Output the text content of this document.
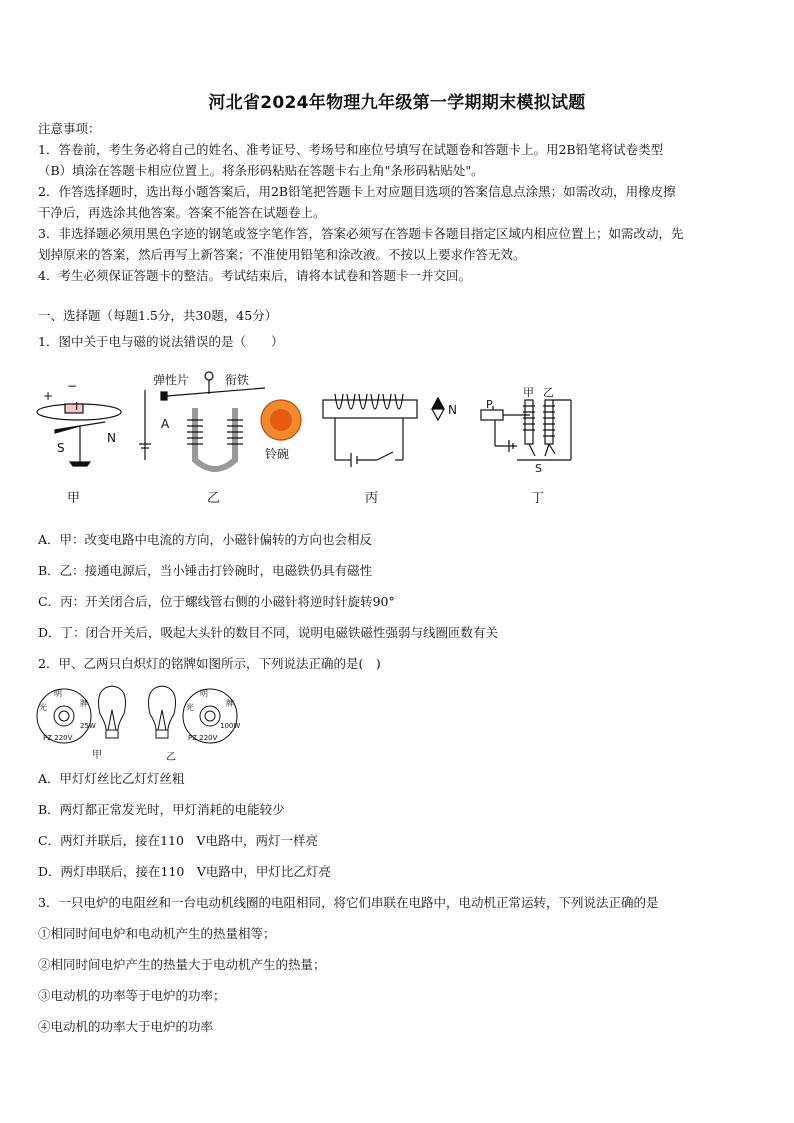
河北省2024年物理九年级第一学期期末模拟试题
注意事项：
1．答卷前，考生务必将自己的姓名、准考证号、考场号和座位号填写在试题卷和答题卡上。用2B铅笔将试卷类型
（B）填涂在答题卡相应位置上。将条形码粘贴在答题卡右上角"条形码粘贴处"。
2．作答选择题时，选出每小题答案后，用2B铅笔把答题卡上对应题目选项的答案信息点涂黑；如需改动，用橡皮擦
干净后，再选涂其他答案。答案不能答在试题卷上。
3．非选择题必须用黑色字迹的钢笔或签字笔作答，答案必须写在答题卡各题目指定区域内相应位置上；如需改动，先
划掉原来的答案，然后再写上新答案；不准使用铅笔和涂改液。不按以上要求作答无效。
4．考生必须保证答题卡的整洁。考试结束后，请将本试卷和答题卡一并交回。
一、选择题（每题1.5分，共30题，45分）
1．图中关于电与磁的说法错误的是（　　）
+
−
I
S
N
甲
弹性片	衔铁
A
铃碗
乙
N
丙
P
甲 乙
S
丁
A．甲：改变电路中电流的方向，小磁针偏转的方向也会相反
B．乙：接通电源后，当小锤击打铃碗时，电磁铁仍具有磁性
C．丙：开关闭合后，位于螺线管右侧的小磁针将逆时针旋转90°
D．丁：闭合开关后，吸起大头针的数目不同，说明电磁铁磁性强弱与线圈匝数有关
2．甲、乙两只白炽灯的铭牌如图所示，下列说法正确的是(　)
明
光	牌
PZ 220V
25W
明
光	牌
PZ 220V
100W
甲	乙
A．甲灯灯丝比乙灯灯丝粗
B．两灯都正常发光时，甲灯消耗的电能较少
C．两灯并联后，接在110　V电路中，两灯一样亮
D．两灯串联后，接在110　V电路中，甲灯比乙灯亮
3．一只电炉的电阻丝和一台电动机线圈的电阻相同，将它们串联在电路中，电动机正常运转，下列说法正确的是
①相同时间电炉和电动机产生的热量相等；
②相同时间电炉产生的热量大于电动机产生的热量；
③电动机的功率等于电炉的功率；
④电动机的功率大于电炉的功率
